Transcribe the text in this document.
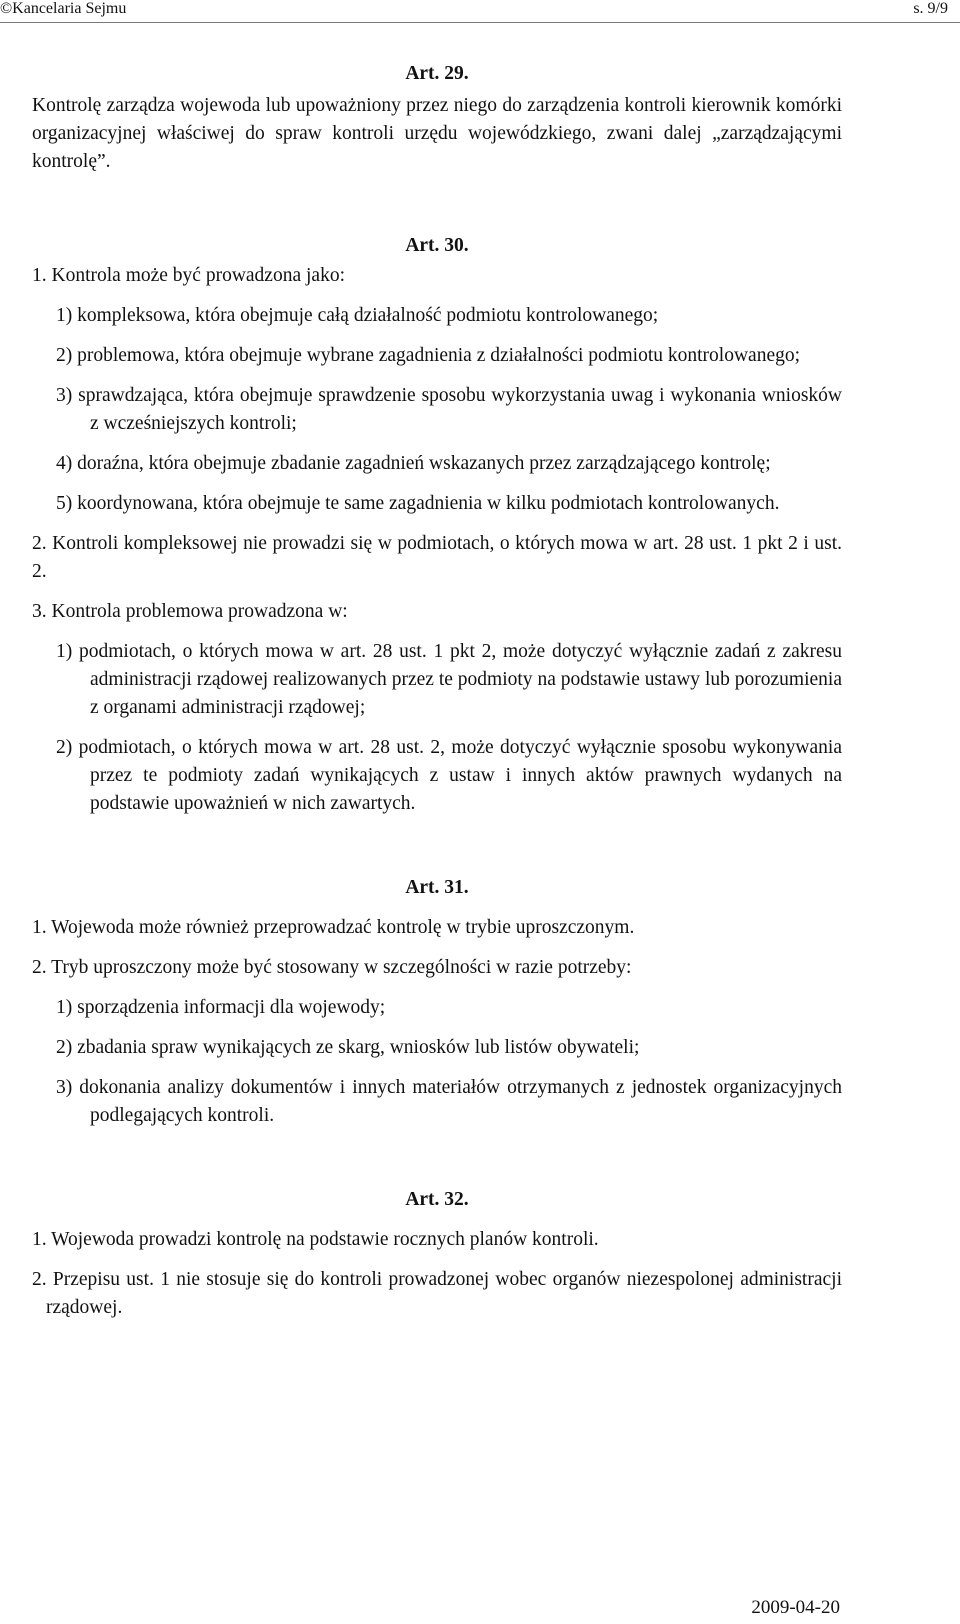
©Kancelaria Sejmu	s. 9/9

Art. 29.

Kontrolę zarządza wojewoda lub upoważniony przez niego do zarządzenia kontroli kierownik komórki organizacyjnej właściwej do spraw kontroli urzędu wojewódzkiego, zwani dalej „zarządzającymi kontrolę”.

Art. 30.

1. Kontrola może być prowadzona jako:

1) kompleksowa, która obejmuje całą działalność podmiotu kontrolowanego;

2) problemowa, która obejmuje wybrane zagadnienia z działalności podmiotu kontrolowanego;

3) sprawdzająca, która obejmuje sprawdzenie sposobu wykorzystania uwag i wykonania wniosków z wcześniejszych kontroli;

4) doraźna, która obejmuje zbadanie zagadnień wskazanych przez zarządzającego kontrolę;

5) koordynowana, która obejmuje te same zagadnienia w kilku podmiotach kontrolowanych.

2. Kontroli kompleksowej nie prowadzi się w podmiotach, o których mowa w art. 28 ust. 1 pkt 2 i ust. 2.

3. Kontrola problemowa prowadzona w:

1) podmiotach, o których mowa w art. 28 ust. 1 pkt 2, może dotyczyć wyłącznie zadań z zakresu administracji rządowej realizowanych przez te podmioty na podstawie ustawy lub porozumienia z organami administracji rządowej;

2) podmiotach, o których mowa w art. 28 ust. 2, może dotyczyć wyłącznie sposobu wykonywania przez te podmioty zadań wynikających z ustaw i innych aktów prawnych wydanych na podstawie upoważnień w nich zawartych.

Art. 31.

1. Wojewoda może również przeprowadzać kontrolę w trybie uproszczonym.

2. Tryb uproszczony może być stosowany w szczególności w razie potrzeby:

1) sporządzenia informacji dla wojewody;

2) zbadania spraw wynikających ze skarg, wniosków lub listów obywateli;

3) dokonania analizy dokumentów i innych materiałów otrzymanych z jednostek organizacyjnych podlegających kontroli.

Art. 32.

1. Wojewoda prowadzi kontrolę na podstawie rocznych planów kontroli.

2. Przepisu ust. 1 nie stosuje się do kontroli prowadzonej wobec organów niezespolonej administracji rządowej.

2009-04-20
